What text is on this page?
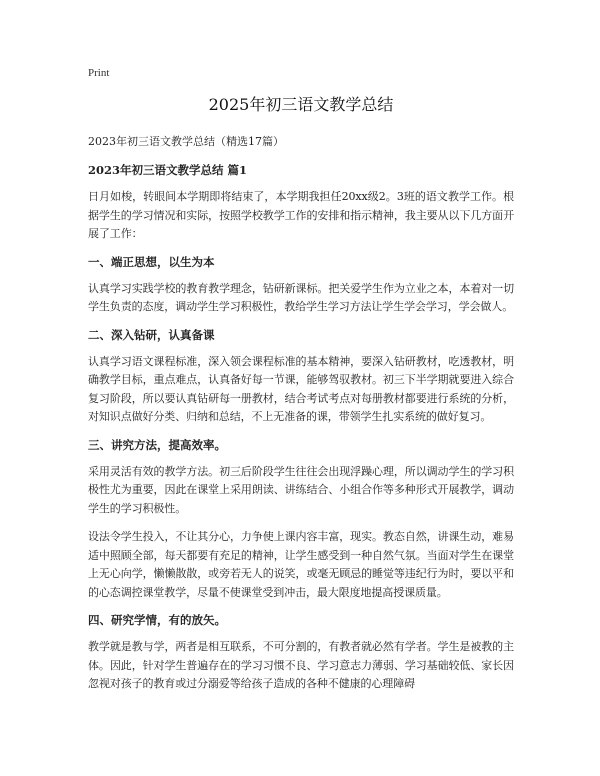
Print
2025年初三语文教学总结
2023年初三语文教学总结（精选17篇）
2023年初三语文教学总结 篇1

日月如梭，转眼间本学期即将结束了，本学期我担任20xx级2。3班的语文教学工作。根据学生的学习情况和实际，按照学校教学工作的安排和指示精神，我主要从以下几方面开展了工作：

一、端正思想，以生为本

认真学习实践学校的教育教学理念，钻研新课标。把关爱学生作为立业之本，本着对一切学生负责的态度，调动学生学习积极性，教给学生学习方法让学生学会学习，学会做人。

二、深入钻研，认真备课

认真学习语文课程标准，深入领会课程标准的基本精神，要深入钻研教材，吃透教材，明确教学目标，重点难点，认真备好每一节课，能够驾驭教材。初三下半学期就要进入综合复习阶段，所以要认真钻研每一册教材，结合考试考点对每册教材都要进行系统的分析，对知识点做好分类、归纳和总结，不上无准备的课，带领学生扎实系统的做好复习。

三、讲究方法，提高效率。

采用灵活有效的教学方法。初三后阶段学生往往会出现浮躁心理，所以调动学生的学习积极性尤为重要，因此在课堂上采用朗读、讲练结合、小组合作等多种形式开展教学，调动学生的学习积极性。

设法令学生投入，不让其分心，力争使上课内容丰富，现实。教态自然，讲课生动，难易适中照顾全部，每天都要有充足的精神，让学生感受到一种自然气氛。当面对学生在课堂上无心向学，懒懒散散，或旁若无人的说笑，或毫无顾忌的睡觉等违纪行为时，要以平和的心态调控课堂教学，尽量不使课堂受到冲击，最大限度地提高授课质量。

四、研究学情，有的放矢。

教学就是教与学，两者是相互联系，不可分割的，有教者就必然有学者。学生是被教的主体。因此，针对学生普遍存在的学习习惯不良、学习意志力薄弱、学习基础较低、家长因忽视对孩子的教育或过分溺爱等给孩子造成的各种不健康的心理障碍
